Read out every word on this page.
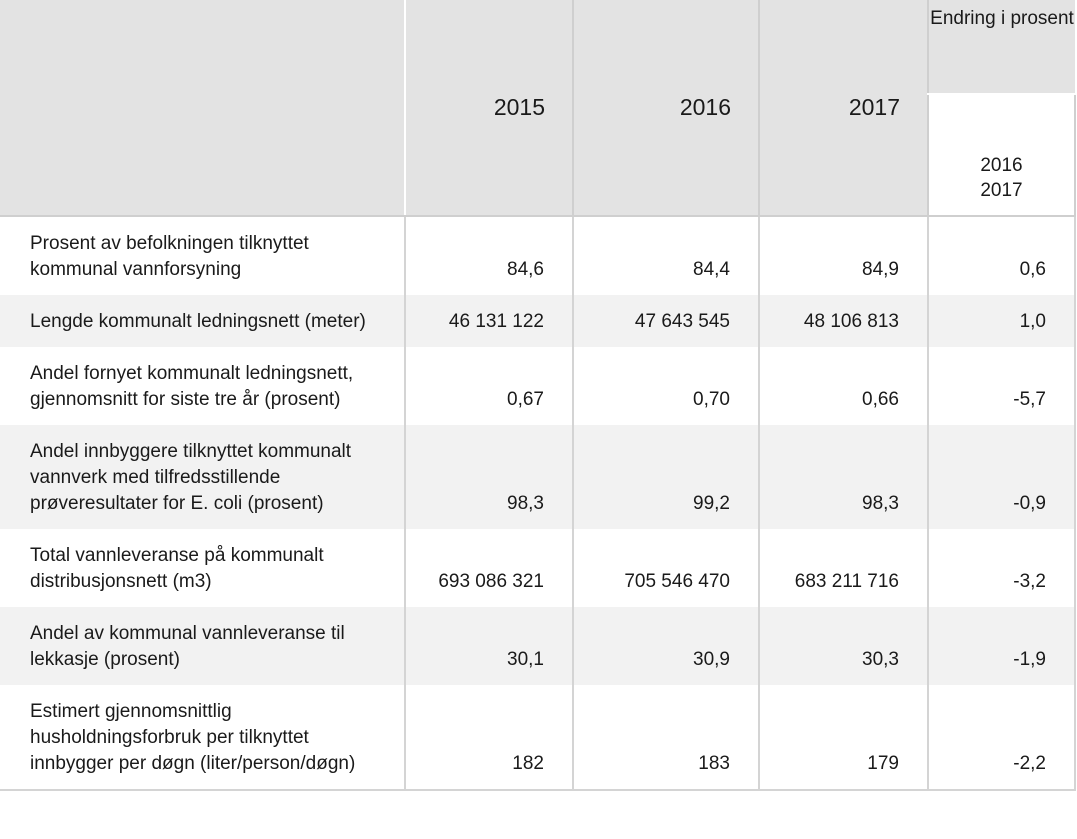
	2015	2016	2017	Endring i prosent

				2016
2017

Prosent av befolkningen tilknyttet kommunal vannforsyning	84,6	84,4	84,9	0,6
Lengde kommunalt ledningsnett (meter)	46 131 122	47 643 545	48 106 813	1,0
Andel fornyet kommunalt ledningsnett, gjennomsnitt for siste tre år (prosent)	0,67	0,70	0,66	-5,7
Andel innbyggere tilknyttet kommunalt vannverk med tilfredsstillende prøveresultater for E. coli (prosent)	98,3	99,2	98,3	-0,9
Total vannleveranse på kommunalt distribusjonsnett (m3)	693 086 321	705 546 470	683 211 716	-3,2
Andel av kommunal vannleveranse til lekkasje (prosent)	30,1	30,9	30,3	-1,9
Estimert gjennomsnittlig husholdningsforbruk per tilknyttet innbygger per døgn (liter/person/døgn)	182	183	179	-2,2
